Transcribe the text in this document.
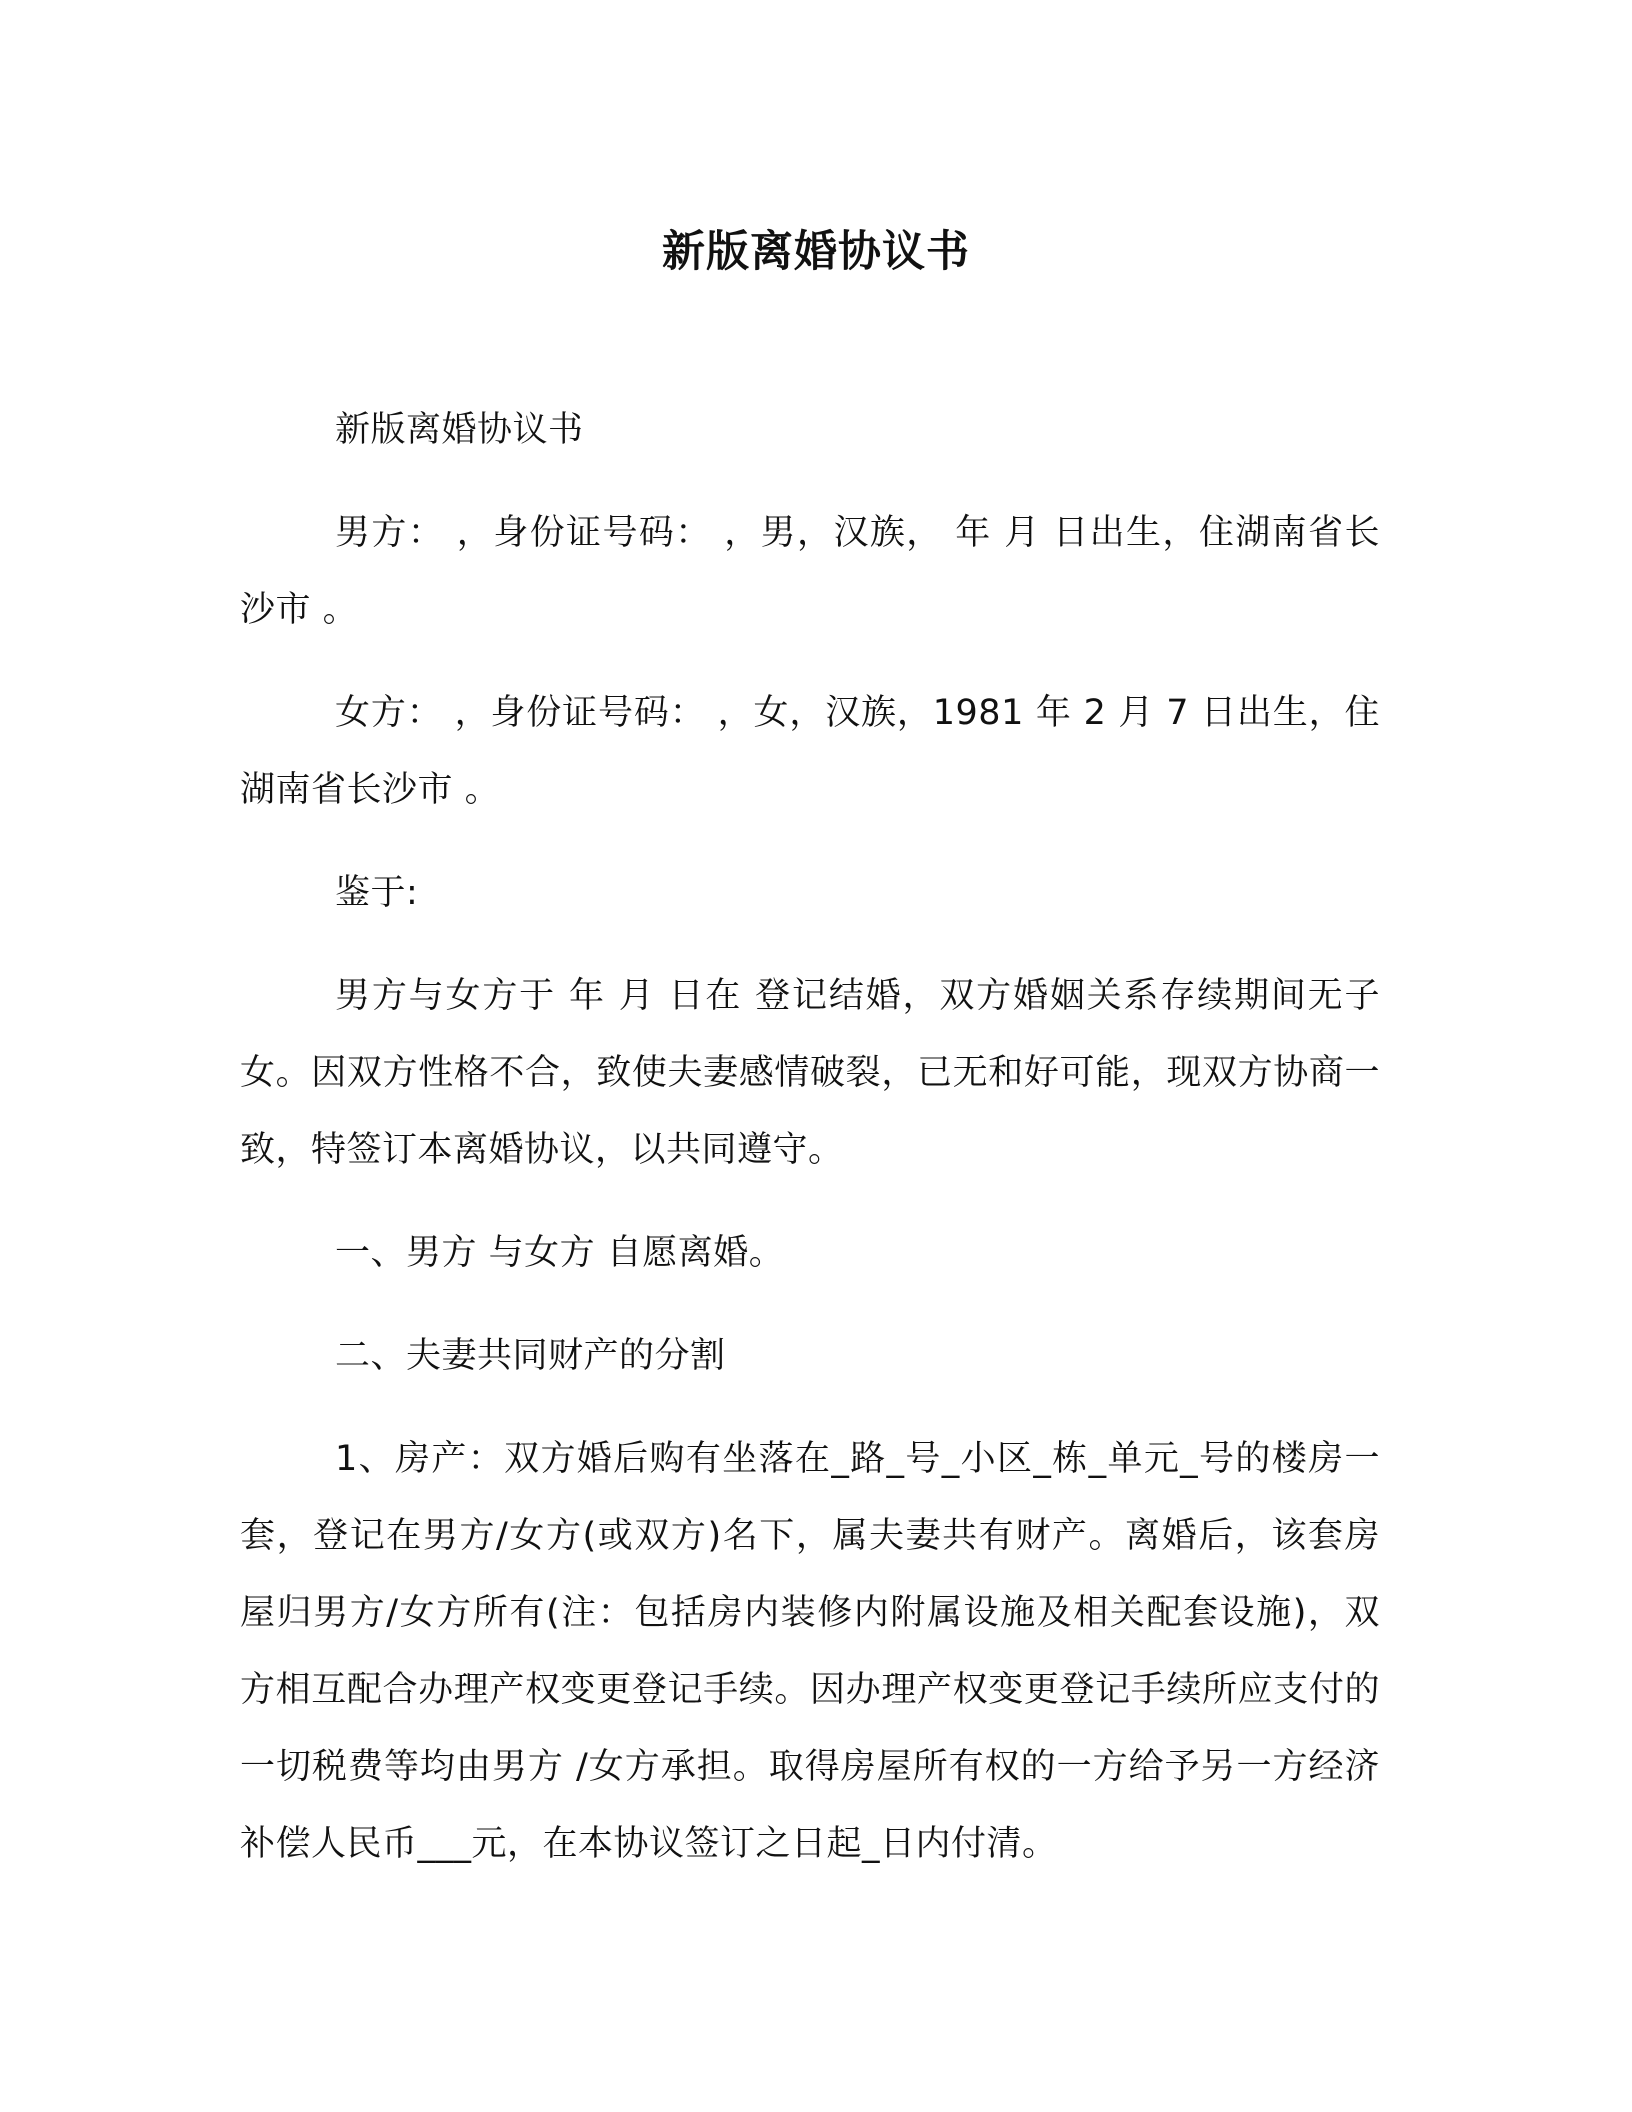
新版离婚协议书

新版离婚协议书

男方： ，身份证号码： ，男，汉族， 年 月 日出生，住湖南省长沙市 。

女方： ，身份证号码： ，女，汉族，1981 年 2 月 7 日出生，住湖南省长沙市 。

鉴于:

男方与女方于 年 月 日在 登记结婚，双方婚姻关系存续期间无子女。因双方性格不合，致使夫妻感情破裂，已无和好可能，现双方协商一致，特签订本离婚协议，以共同遵守。

一、男方 与女方 自愿离婚。

二、夫妻共同财产的分割

1、房产：双方婚后购有坐落在_路_号_小区_栋_单元_号的楼房一套，登记在男方/女方(或双方)名下，属夫妻共有财产。离婚后，该套房屋归男方/女方所有(注：包括房内装修内附属设施及相关配套设施)，双方相互配合办理产权变更登记手续。因办理产权变更登记手续所应支付的一切税费等均由男方 /女方承担。取得房屋所有权的一方给予另一方经济补偿人民币___元，在本协议签订之日起_日内付清。
